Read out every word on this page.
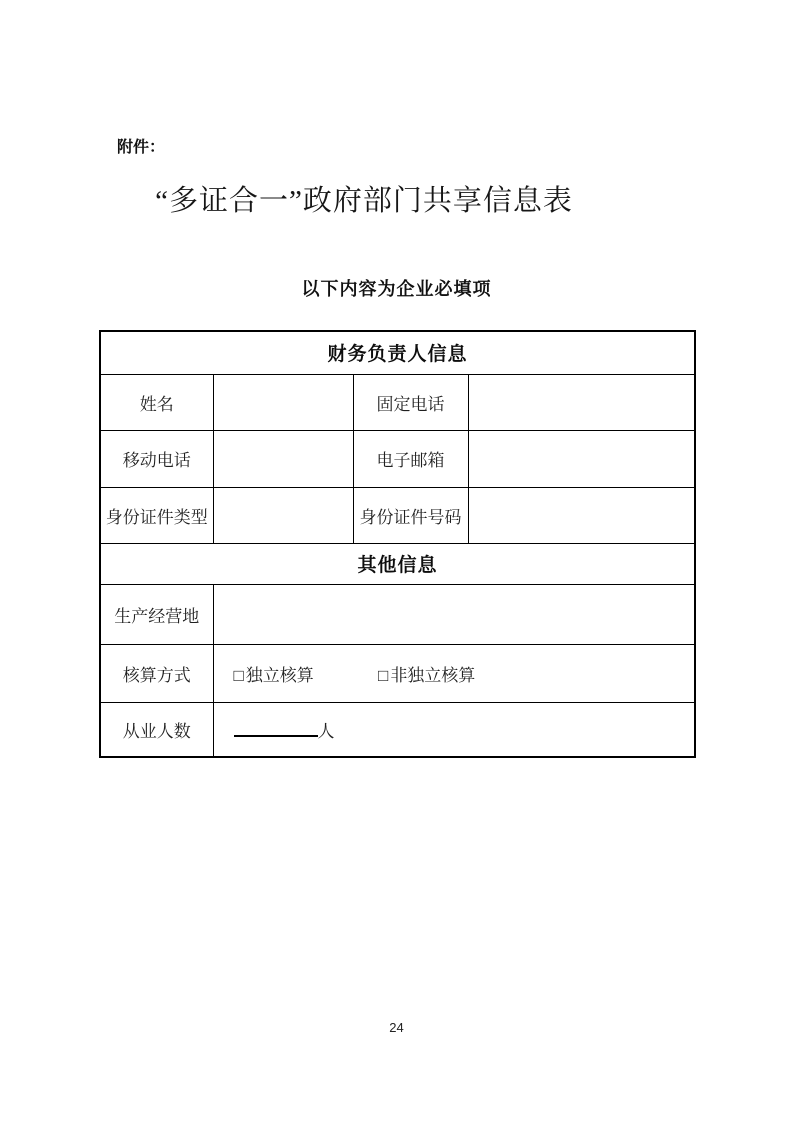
附件：
“多证合一”政府部门共享信息表
以下内容为企业必填项
财务负责人信息			
姓名		固定电话	
移动电话		电子邮箱	
身份证件类型		身份证件号码	
其他信息			
生产经营地			
核算方式	□ 独立核算 □ 非独立核算		
从业人数	人		
24
